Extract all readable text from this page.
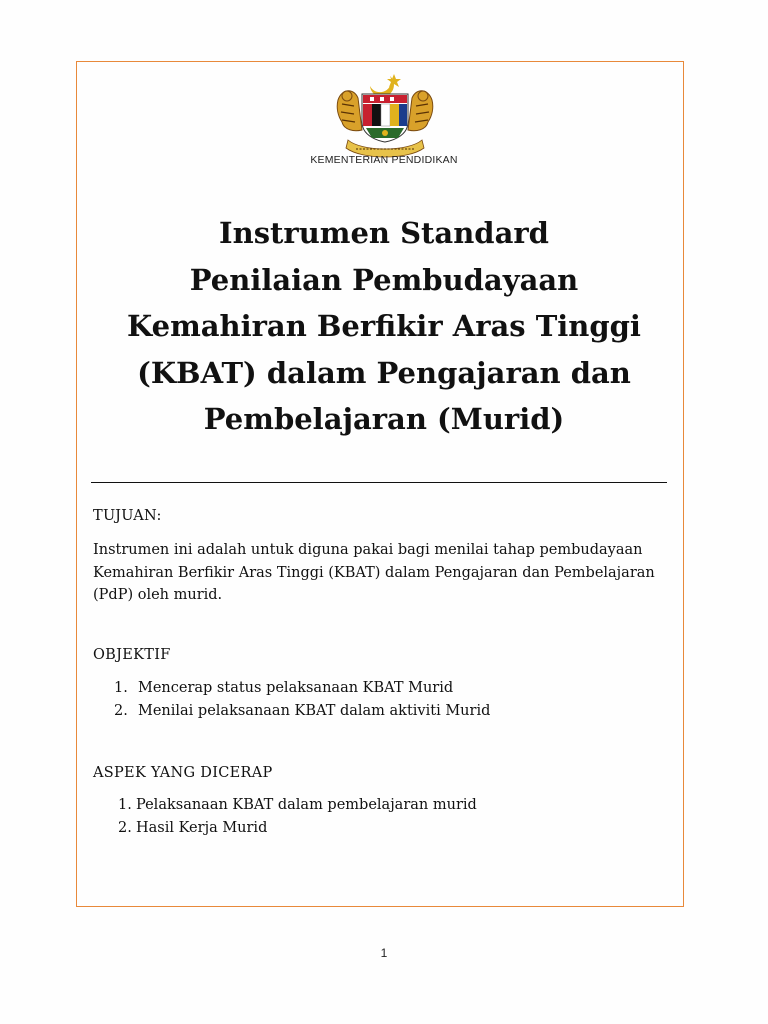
KEMENTERIAN PENDIDIKAN
Instrumen Standard
Penilaian Pembudayaan
Kemahiran Berfikir Aras Tinggi
(KBAT) dalam Pengajaran dan
Pembelajaran (Murid)
TUJUAN:
Instrumen ini adalah untuk diguna pakai bagi menilai tahap pembudayaan
Kemahiran Berfikir Aras Tinggi (KBAT) dalam Pengajaran dan Pembelajaran
(PdP) oleh murid.
OBJEKTIF
1. Mencerap status pelaksanaan KBAT Murid
2. Menilai pelaksanaan KBAT dalam aktiviti Murid
ASPEK YANG DICERAP
1. Pelaksanaan KBAT dalam pembelajaran murid
2. Hasil Kerja Murid
1
